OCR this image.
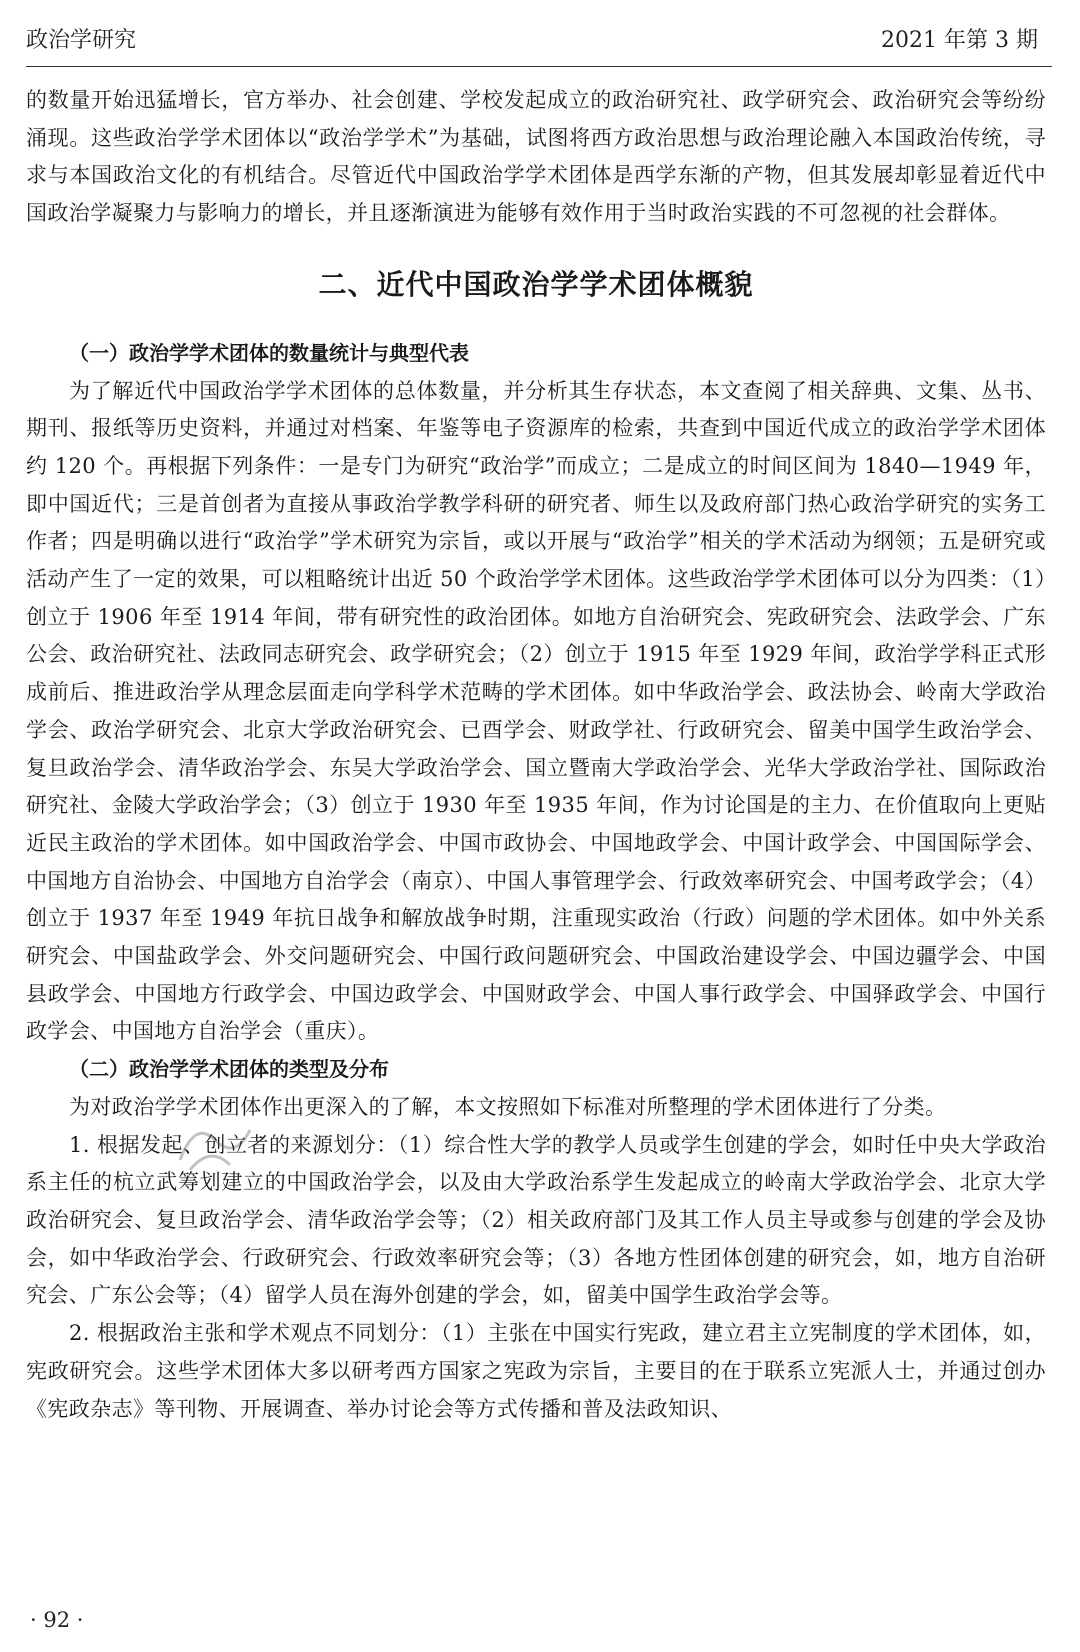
政治学研究	2021 年第 3 期

的数量开始迅猛增长，官方举办、社会创建、学校发起成立的政治研究社、政学研究会、政治研究会等纷纷涌现。这些政治学学术团体以“政治学学术”为基础，试图将西方政治思想与政治理论融入本国政治传统，寻求与本国政治文化的有机结合。尽管近代中国政治学学术团体是西学东渐的产物，但其发展却彰显着近代中国政治学凝聚力与影响力的增长，并且逐渐演进为能够有效作用于当时政治实践的不可忽视的社会群体。

二、近代中国政治学学术团体概貌
（一）政治学学术团体的数量统计与典型代表

为了解近代中国政治学学术团体的总体数量，并分析其生存状态，本文查阅了相关辞典、文集、丛书、期刊、报纸等历史资料，并通过对档案、年鉴等电子资源库的检索，共查到中国近代成立的政治学学术团体约 120 个。再根据下列条件：一是专门为研究“政治学”而成立；二是成立的时间区间为 1840—1949 年，即中国近代；三是首创者为直接从事政治学教学科研的研究者、师生以及政府部门热心政治学研究的实务工作者；四是明确以进行“政治学”学术研究为宗旨，或以开展与“政治学”相关的学术活动为纲领；五是研究或活动产生了一定的效果，可以粗略统计出近 50 个政治学学术团体。这些政治学学术团体可以分为四类：（1）创立于 1906 年至 1914 年间，带有研究性的政治团体。如地方自治研究会、宪政研究会、法政学会、广东公会、政治研究社、法政同志研究会、政学研究会；（2）创立于 1915 年至 1929 年间，政治学学科正式形成前后、推进政治学从理念层面走向学科学术范畴的学术团体。如中华政治学会、政法协会、岭南大学政治学会、政治学研究会、北京大学政治研究会、已酉学会、财政学社、行政研究会、留美中国学生政治学会、复旦政治学会、清华政治学会、东吴大学政治学会、国立暨南大学政治学会、光华大学政治学社、国际政治研究社、金陵大学政治学会；（3）创立于 1930 年至 1935 年间，作为讨论国是的主力、在价值取向上更贴近民主政治的学术团体。如中国政治学会、中国市政协会、中国地政学会、中国计政学会、中国国际学会、中国地方自治协会、中国地方自治学会（南京）、中国人事管理学会、行政效率研究会、中国考政学会；（4）创立于 1937 年至 1949 年抗日战争和解放战争时期，注重现实政治（行政）问题的学术团体。如中外关系研究会、中国盐政学会、外交问题研究会、中国行政问题研究会、中国政治建设学会、中国边疆学会、中国县政学会、中国地方行政学会、中国边政学会、中国财政学会、中国人事行政学会、中国驿政学会、中国行政学会、中国地方自治学会（重庆）。

（二）政治学学术团体的类型及分布

为对政治学学术团体作出更深入的了解，本文按照如下标准对所整理的学术团体进行了分类。

1. 根据发起、创立者的来源划分：（1）综合性大学的教学人员或学生创建的学会，如时任中央大学政治系主任的杭立武筹划建立的中国政治学会，以及由大学政治系学生发起成立的岭南大学政治学会、北京大学政治研究会、复旦政治学会、清华政治学会等；（2）相关政府部门及其工作人员主导或参与创建的学会及协会，如中华政治学会、行政研究会、行政效率研究会等；（3）各地方性团体创建的研究会，如，地方自治研究会、广东公会等；（4）留学人员在海外创建的学会，如，留美中国学生政治学会等。

2. 根据政治主张和学术观点不同划分：（1）主张在中国实行宪政，建立君主立宪制度的学术团体，如，宪政研究会。这些学术团体大多以研考西方国家之宪政为宗旨，主要目的在于联系立宪派人士，并通过创办《宪政杂志》等刊物、开展调查、举办讨论会等方式传播和普及法政知识、

· 92 ·
